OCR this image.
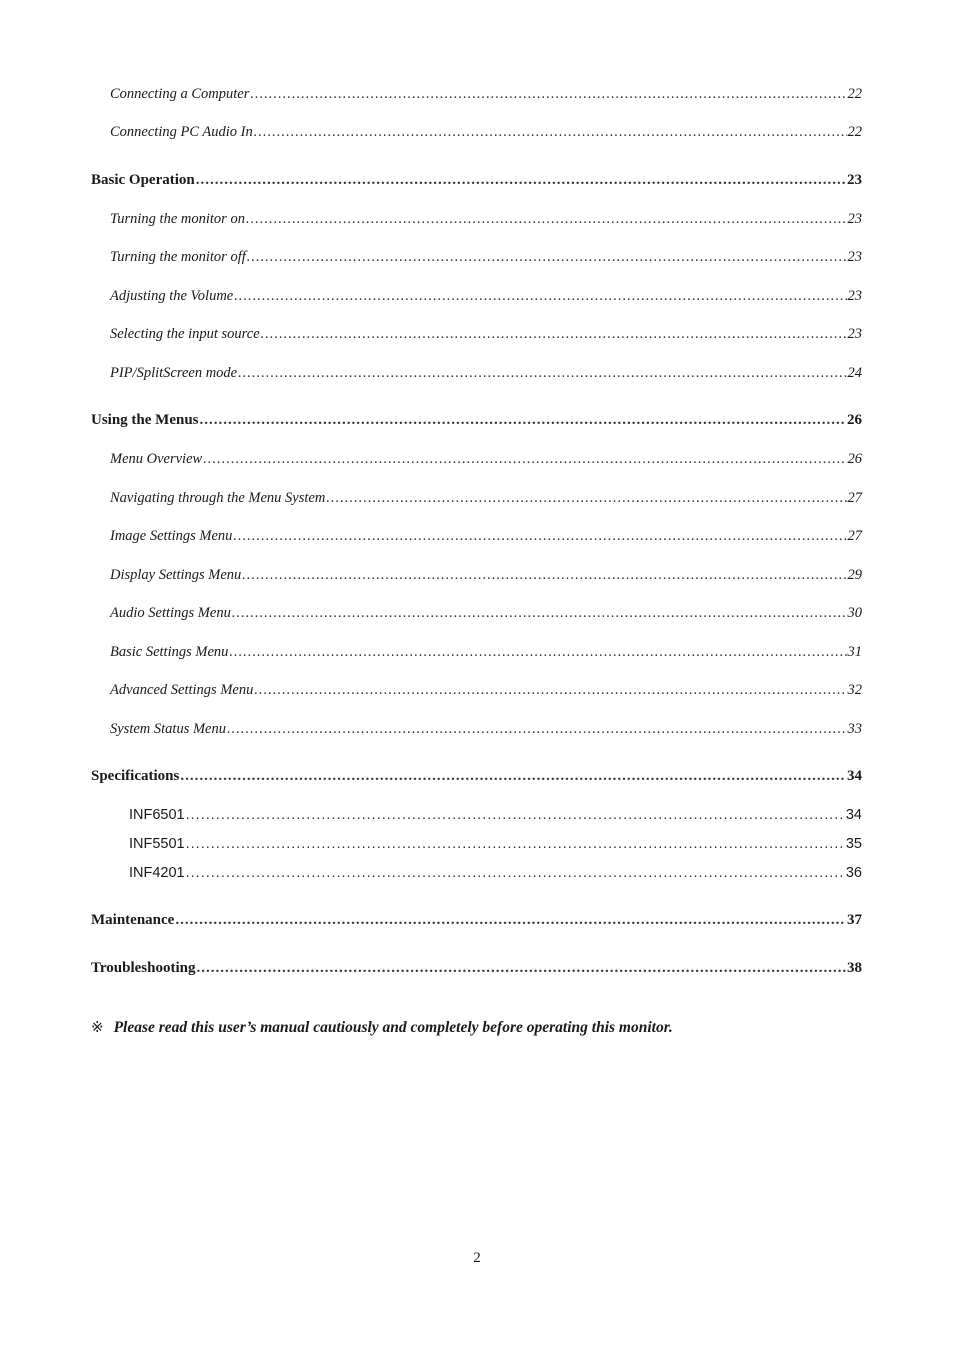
Connecting a Computer .....	22
Connecting PC Audio In .....	22
Basic Operation .....	23
Turning the monitor on .....	23
Turning the monitor off .....	23
Adjusting the Volume .....	23
Selecting the input source .....	23
PIP/SplitScreen mode .....	24
Using the Menus .....	26
Menu Overview .....	26
Navigating through the Menu System .....	27
Image Settings Menu .....	27
Display Settings Menu .....	29
Audio Settings Menu .....	30
Basic Settings Menu .....	31
Advanced Settings Menu .....	32
System Status Menu .....	33
Specifications .....	34
INF6501 .....	34
INF5501 .....	35
INF4201 .....	36
Maintenance .....	37
Troubleshooting .....	38
※ Please read this user’s manual cautiously and completely before operating this monitor.
2
